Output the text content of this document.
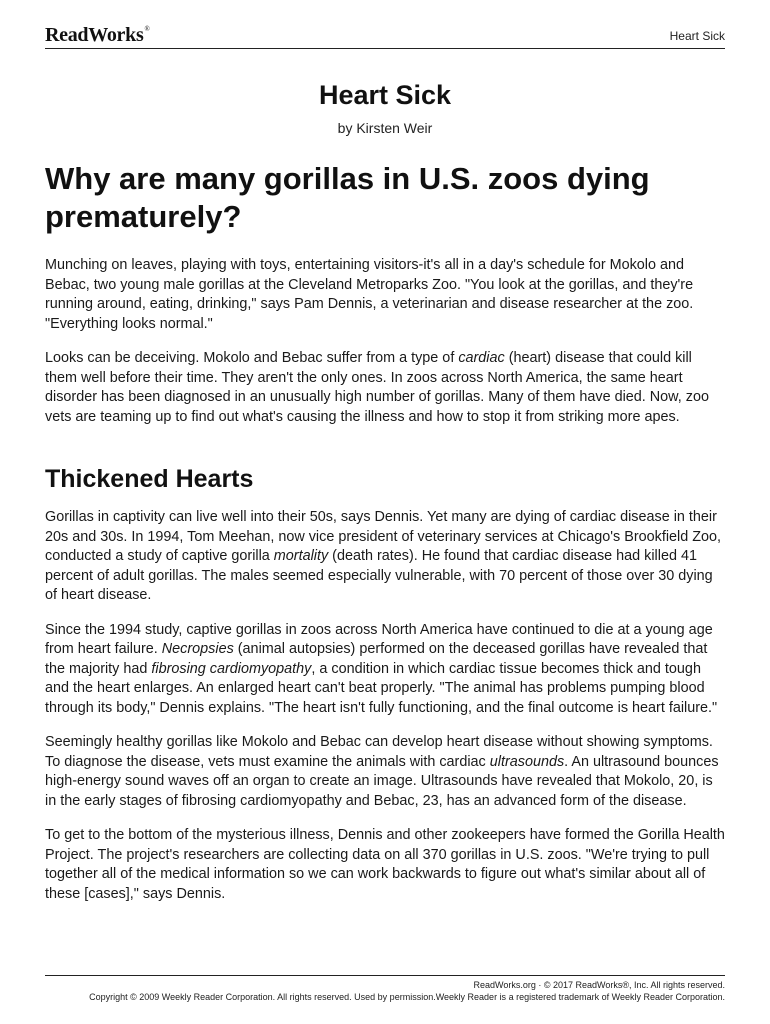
ReadWorks®	Heart Sick
Heart Sick
by Kirsten Weir
Why are many gorillas in U.S. zoos dying prematurely?

Munching on leaves, playing with toys, entertaining visitors-it's all in a day's schedule for Mokolo and Bebac, two young male gorillas at the Cleveland Metroparks Zoo. "You look at the gorillas, and they're running around, eating, drinking," says Pam Dennis, a veterinarian and disease researcher at the zoo. "Everything looks normal."

Looks can be deceiving. Mokolo and Bebac suffer from a type of cardiac (heart) disease that could kill them well before their time. They aren't the only ones. In zoos across North America, the same heart disorder has been diagnosed in an unusually high number of gorillas. Many of them have died. Now, zoo vets are teaming up to find out what's causing the illness and how to stop it from striking more apes.

Thickened Hearts

Gorillas in captivity can live well into their 50s, says Dennis. Yet many are dying of cardiac disease in their 20s and 30s. In 1994, Tom Meehan, now vice president of veterinary services at Chicago's Brookfield Zoo, conducted a study of captive gorilla mortality (death rates). He found that cardiac disease had killed 41 percent of adult gorillas. The males seemed especially vulnerable, with 70 percent of those over 30 dying of heart disease.

Since the 1994 study, captive gorillas in zoos across North America have continued to die at a young age from heart failure. Necropsies (animal autopsies) performed on the deceased gorillas have revealed that the majority had fibrosing cardiomyopathy, a condition in which cardiac tissue becomes thick and tough and the heart enlarges. An enlarged heart can't beat properly. "The animal has problems pumping blood through its body," Dennis explains. "The heart isn't fully functioning, and the final outcome is heart failure."

Seemingly healthy gorillas like Mokolo and Bebac can develop heart disease without showing symptoms. To diagnose the disease, vets must examine the animals with cardiac ultrasounds. An ultrasound bounces high-energy sound waves off an organ to create an image. Ultrasounds have revealed that Mokolo, 20, is in the early stages of fibrosing cardiomyopathy and Bebac, 23, has an advanced form of the disease.

To get to the bottom of the mysterious illness, Dennis and other zookeepers have formed the Gorilla Health Project. The project's researchers are collecting data on all 370 gorillas in U.S. zoos. "We're trying to pull together all of the medical information so we can work backwards to figure out what's similar about all of these [cases]," says Dennis.

ReadWorks.org · © 2017 ReadWorks®, Inc. All rights reserved.
Copyright © 2009 Weekly Reader Corporation. All rights reserved. Used by permission.Weekly Reader is a registered trademark of Weekly Reader Corporation.
